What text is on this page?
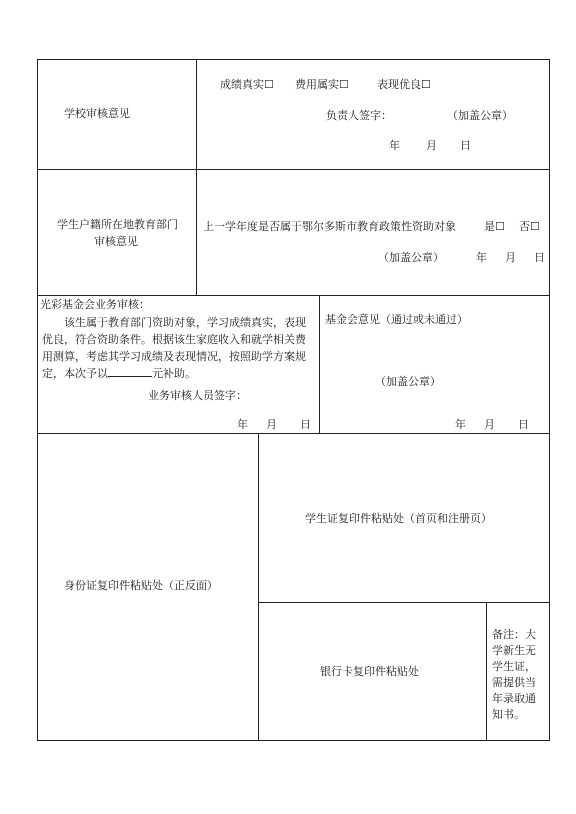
学校审核意见
成绩真实☐ 费用属实☐	表现优良☐
负责人签字：	（加盖公章）
年 月 日
学生户籍所在地教育部门
审核意见
上一学年度是否属于鄂尔多斯市教育政策性资助对象	是☐ 否☐
（加盖公章）	年 月 日
光彩基金会业务审核：
该生属于教育部门资助对象，学习成绩真实，表现优良，符合资助条件。根据该生家庭收入和就学相关费用测算，考虑其学习成绩及表现情况，按照助学方案规定，本次予以	元补助。
业务审核人员签字：
年 月 日
基金会意见（通过或未通过）
（加盖公章）
年 月 日
身份证复印件粘贴处（正反面）
学生证复印件粘贴处（首页和注册页）
银行卡复印件粘贴处
备注：大
学新生无
学生证，
需提供当
年录取通
知书。
